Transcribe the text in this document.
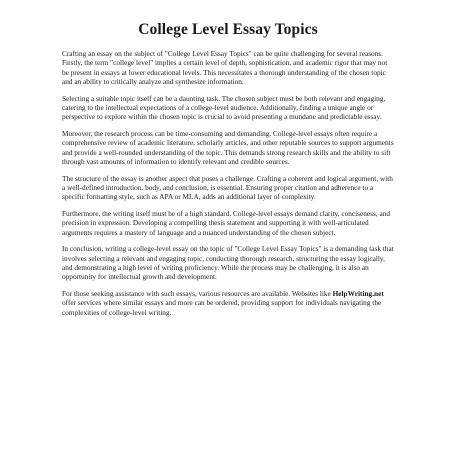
College Level Essay Topics

Crafting an essay on the subject of "College Level Essay Topics" can be quite challenging for several reasons. Firstly, the term "college level" implies a certain level of depth, sophistication, and academic rigor that may not be present in essays at lower educational levels. This necessitates a thorough understanding of the chosen topic and an ability to critically analyze and synthesize information.

Selecting a suitable topic itself can be a daunting task. The chosen subject must be both relevant and engaging, catering to the intellectual expectations of a college-level audience. Additionally, finding a unique angle or perspective to explore within the chosen topic is crucial to avoid presenting a mundane and predictable essay.

Moreover, the research process can be time-consuming and demanding. College-level essays often require a comprehensive review of academic literature, scholarly articles, and other reputable sources to support arguments and provide a well-rounded understanding of the topic. This demands strong research skills and the ability to sift through vast amounts of information to identify relevant and credible sources.

The structure of the essay is another aspect that poses a challenge. Crafting a coherent and logical argument, with a well-defined introduction, body, and conclusion, is essential. Ensuring proper citation and adherence to a specific formatting style, such as APA or MLA, adds an additional layer of complexity.

Furthermore, the writing itself must be of a high standard. College-level essays demand clarity, conciseness, and precision in expression. Developing a compelling thesis statement and supporting it with well-articulated arguments requires a mastery of language and a nuanced understanding of the chosen subject.

In conclusion, writing a college-level essay on the topic of "College Level Essay Topics" is a demanding task that involves selecting a relevant and engaging topic, conducting thorough research, structuring the essay logically, and demonstrating a high level of writing proficiency. While the process may be challenging, it is also an opportunity for intellectual growth and development.

For those seeking assistance with such essays, various resources are available. Websites like HelpWriting.net offer services where similar essays and more can be ordered, providing support for individuals navigating the complexities of college-level writing.
